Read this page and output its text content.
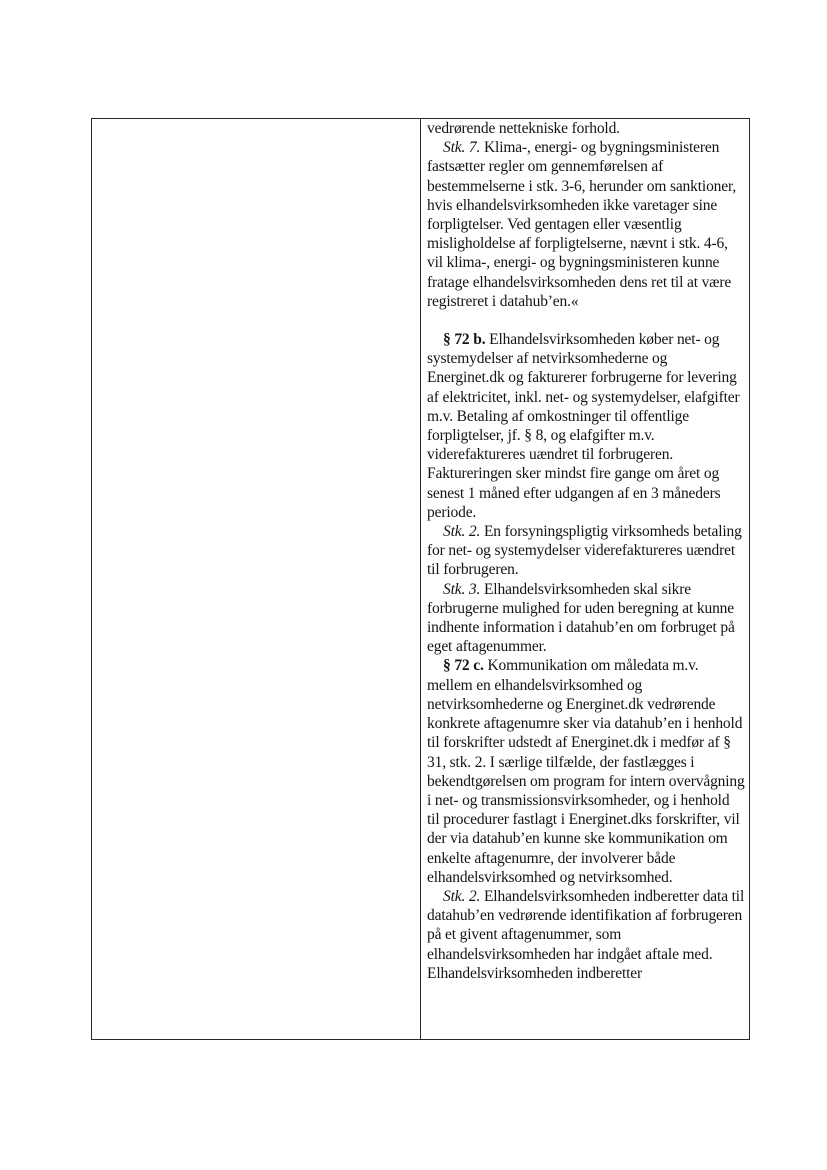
vedrørende nettekniske forhold.

Stk. 7. Klima-, energi- og bygningsministeren fastsætter regler om gennemførelsen af bestemmelserne i stk. 3-6, herunder om sanktioner, hvis elhandelsvirksomheden ikke varetager sine forpligtelser. Ved gentagen eller væsentlig misligholdelse af forpligtelserne, nævnt i stk. 4-6, vil klima-, energi- og bygningsministeren kunne fratage elhandelsvirksomheden dens ret til at være registreret i datahub’en.«

§ 72 b. Elhandelsvirksomheden køber net- og systemydelser af netvirksomhederne og Energinet.dk og fakturerer forbrugerne for levering af elektricitet, inkl. net- og systemydelser, elafgifter m.v. Betaling af omkostninger til offentlige forpligtelser, jf. § 8, og elafgifter m.v. viderefaktureres uændret til forbrugeren. Faktureringen sker mindst fire gange om året og senest 1 måned efter udgangen af en 3 måneders periode.

Stk. 2. En forsyningspligtig virksomheds betaling for net- og systemydelser viderefaktureres uændret til forbrugeren.

Stk. 3. Elhandelsvirksomheden skal sikre forbrugerne mulighed for uden beregning at kunne indhente information i datahub’en om forbruget på eget aftagenummer.

§ 72 c. Kommunikation om måledata m.v. mellem en elhandelsvirksomhed og netvirksomhederne og Energinet.dk vedrørende konkrete aftagenumre sker via datahub’en i henhold til forskrifter udstedt af Energinet.dk i medfør af § 31, stk. 2. I særlige tilfælde, der fastlægges i bekendtgørelsen om program for intern overvågning i net- og transmissionsvirksomheder, og i henhold til procedurer fastlagt i Energinet.dks forskrifter, vil der via datahub’en kunne ske kommunikation om enkelte aftagenumre, der involverer både elhandelsvirksomhed og netvirksomhed.

Stk. 2. Elhandelsvirksomheden indberetter data til datahub’en vedrørende identifikation af forbrugeren på et givent aftagenummer, som elhandelsvirksomheden har indgået aftale med. Elhandelsvirksomheden indberetter
